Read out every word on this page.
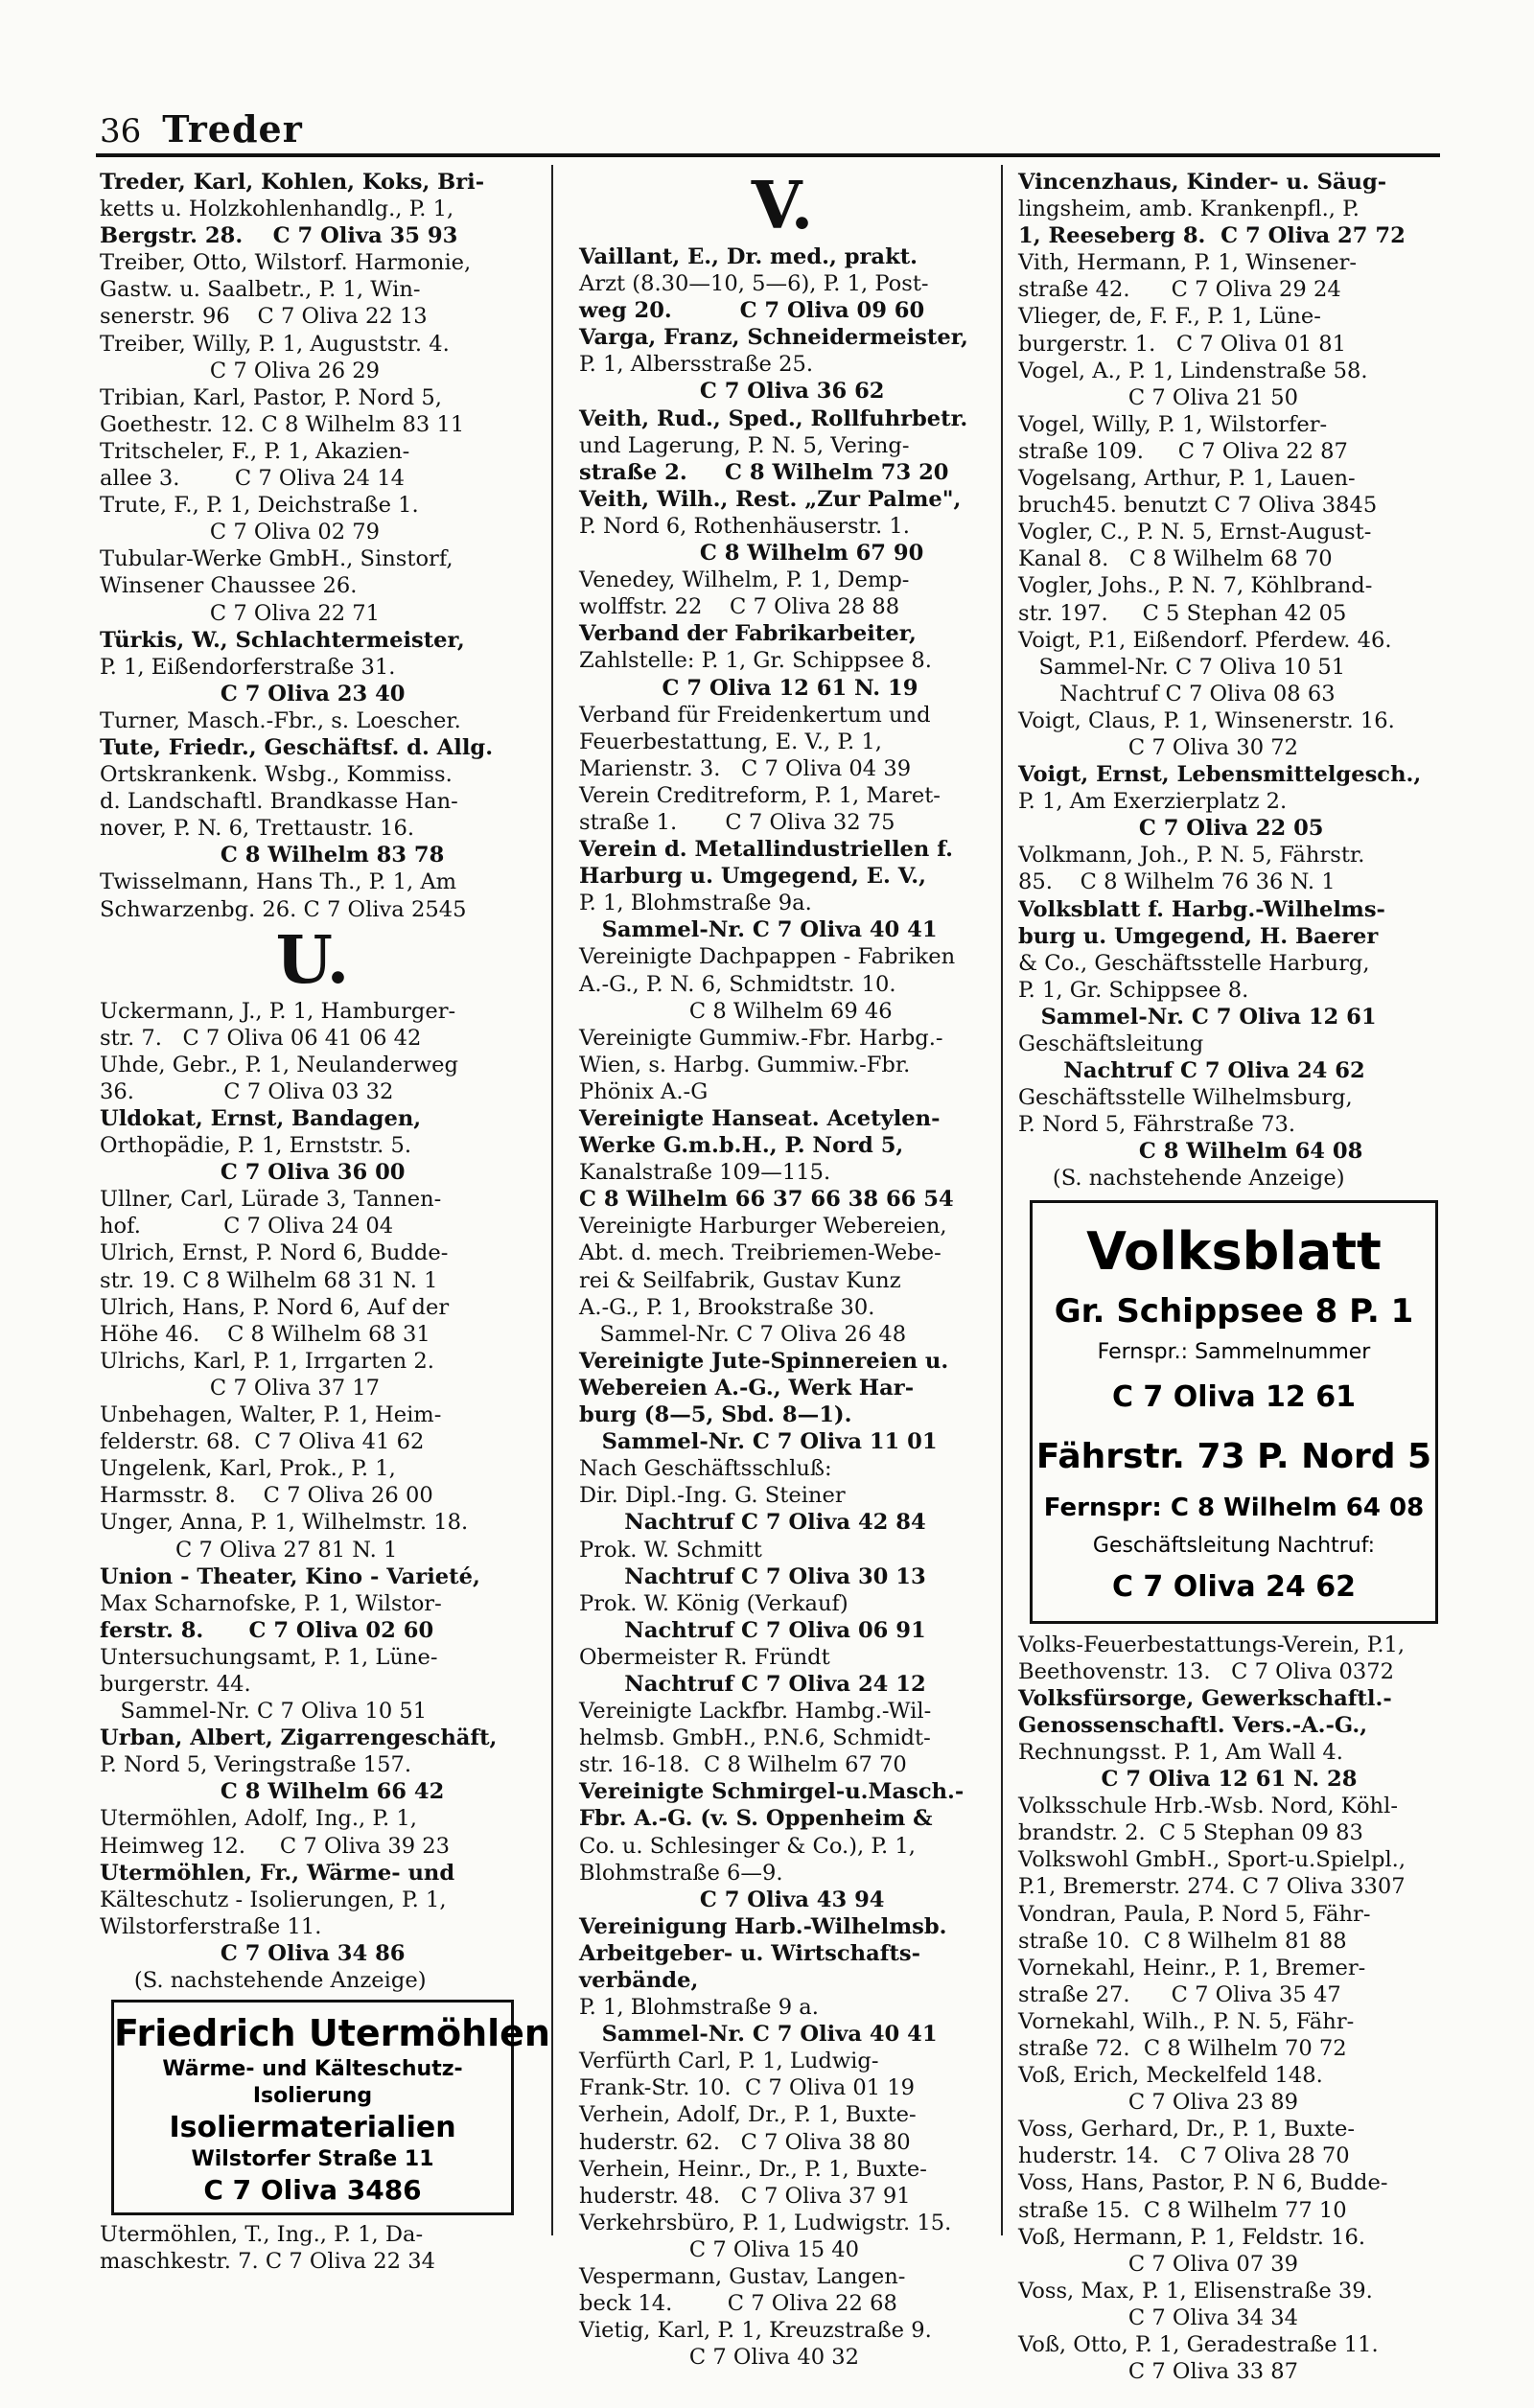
36 Treder
Treder, Karl, Kohlen, Koks, Bri-
ketts u. Holzkohlenhandlg., P. 1,
Bergstr. 28.    C 7 Oliva 35 93
Treiber, Otto, Wilstorf. Harmonie,
Gastw. u. Saalbetr., P. 1, Win-
senerstr. 96    C 7 Oliva 22 13
Treiber, Willy, P. 1, Auguststr. 4.
C 7 Oliva 26 29
Tribian, Karl, Pastor, P. Nord 5,
Goethestr. 12. C 8 Wilhelm 83 11
Tritscheler, F., P. 1, Akazien-
allee 3.        C 7 Oliva 24 14
Trute, F., P. 1, Deichstraße 1.
C 7 Oliva 02 79
Tubular-Werke GmbH., Sinstorf,
Winsener Chaussee 26.
C 7 Oliva 22 71
Türkis, W., Schlachtermeister,
P. 1, Eißendorferstraße 31.
C 7 Oliva 23 40
Turner, Masch.-Fbr., s. Loescher.
Tute, Friedr., Geschäftsf. d. Allg.
Ortskrankenk. Wsbg., Kommiss.
d. Landschaftl. Brandkasse Han-
nover, P. N. 6, Trettaustr. 16.
C 8 Wilhelm 83 78
Twisselmann, Hans Th., P. 1, Am
Schwarzenbg. 26. C 7 Oliva 2545
U.
Uckermann, J., P. 1, Hamburger-
str. 7.   C 7 Oliva 06 41 06 42
Uhde, Gebr., P. 1, Neulanderweg
36.             C 7 Oliva 03 32
Uldokat, Ernst, Bandagen,
Orthopädie, P. 1, Ernststr. 5.
C 7 Oliva 36 00
Ullner, Carl, Lürade 3, Tannen-
hof.            C 7 Oliva 24 04
Ulrich, Ernst, P. Nord 6, Budde-
str. 19. C 8 Wilhelm 68 31 N. 1
Ulrich, Hans, P. Nord 6, Auf der
Höhe 46.    C 8 Wilhelm 68 31
Ulrichs, Karl, P. 1, Irrgarten 2.
C 7 Oliva 37 17
Unbehagen, Walter, P. 1, Heim-
felderstr. 68.  C 7 Oliva 41 62
Ungelenk, Karl, Prok., P. 1,
Harmsstr. 8.    C 7 Oliva 26 00
Unger, Anna, P. 1, Wilhelmstr. 18.
C 7 Oliva 27 81 N. 1
Union - Theater, Kino - Varieté,
Max Scharnofske, P. 1, Wilstor-
ferstr. 8.      C 7 Oliva 02 60
Untersuchungsamt, P. 1, Lüne-
burgerstr. 44.
Sammel-Nr. C 7 Oliva 10 51
Urban, Albert, Zigarrengeschäft,
P. Nord 5, Veringstraße 157.
C 8 Wilhelm 66 42
Utermöhlen, Adolf, Ing., P. 1,
Heimweg 12.     C 7 Oliva 39 23
Utermöhlen, Fr., Wärme- und
Kälteschutz - Isolierungen, P. 1,
Wilstorferstraße 11.
C 7 Oliva 34 86
(S. nachstehende Anzeige)
Friedrich Utermöhlen
Wärme- und Kälteschutz-
Isolierung
Isoliermaterialien
Wilstorfer Straße 11
C 7 Oliva 3486
Utermöhlen, T., Ing., P. 1, Da-
maschkestr. 7. C 7 Oliva 22 34
V.
Vaillant, E., Dr. med., prakt.
Arzt (8.30—10, 5—6), P. 1, Post-
weg 20.         C 7 Oliva 09 60
Varga, Franz, Schneidermeister,
P. 1, Albersstraße 25.
C 7 Oliva 36 62
Veith, Rud., Sped., Rollfuhrbetr.
und Lagerung, P. N. 5, Vering-
straße 2.     C 8 Wilhelm 73 20
Veith, Wilh., Rest. „Zur Palme",
P. Nord 6, Rothenhäuserstr. 1.
C 8 Wilhelm 67 90
Venedey, Wilhelm, P. 1, Demp-
wolffstr. 22    C 7 Oliva 28 88
Verband der Fabrikarbeiter,
Zahlstelle: P. 1, Gr. Schippsee 8.
C 7 Oliva 12 61 N. 19
Verband für Freidenkertum und
Feuerbestattung, E. V., P. 1,
Marienstr. 3.   C 7 Oliva 04 39
Verein Creditreform, P. 1, Maret-
straße 1.       C 7 Oliva 32 75
Verein d. Metallindustriellen f.
Harburg u. Umgegend, E. V.,
P. 1, Blohmstraße 9a.
Sammel-Nr. C 7 Oliva 40 41
Vereinigte Dachpappen - Fabriken
A.-G., P. N. 6, Schmidtstr. 10.
C 8 Wilhelm 69 46
Vereinigte Gummiw.-Fbr. Harbg.-
Wien, s. Harbg. Gummiw.-Fbr.
Phönix A.-G
Vereinigte Hanseat. Acetylen-
Werke G.m.b.H., P. Nord 5,
Kanalstraße 109—115.
C 8 Wilhelm 66 37 66 38 66 54
Vereinigte Harburger Webereien,
Abt. d. mech. Treibriemen-Webe-
rei & Seilfabrik, Gustav Kunz
A.-G., P. 1, Brookstraße 30.
Sammel-Nr. C 7 Oliva 26 48
Vereinigte Jute-Spinnereien u.
Webereien A.-G., Werk Har-
burg (8—5, Sbd. 8—1).
Sammel-Nr. C 7 Oliva 11 01
Nach Geschäftsschluß:
Dir. Dipl.-Ing. G. Steiner
Nachtruf C 7 Oliva 42 84
Prok. W. Schmitt
Nachtruf C 7 Oliva 30 13
Prok. W. König (Verkauf)
Nachtruf C 7 Oliva 06 91
Obermeister R. Fründt
Nachtruf C 7 Oliva 24 12
Vereinigte Lackfbr. Hambg.-Wil-
helmsb. GmbH., P.N.6, Schmidt-
str. 16-18.  C 8 Wilhelm 67 70
Vereinigte Schmirgel-u.Masch.-
Fbr. A.-G. (v. S. Oppenheim &
Co. u. Schlesinger & Co.), P. 1,
Blohmstraße 6—9.
C 7 Oliva 43 94
Vereinigung Harb.-Wilhelmsb.
Arbeitgeber- u. Wirtschafts-
verbände,
P. 1, Blohmstraße 9 a.
Sammel-Nr. C 7 Oliva 40 41
Verfürth Carl, P. 1, Ludwig-
Frank-Str. 10.  C 7 Oliva 01 19
Verhein, Adolf, Dr., P. 1, Buxte-
huderstr. 62.   C 7 Oliva 38 80
Verhein, Heinr., Dr., P. 1, Buxte-
huderstr. 48.   C 7 Oliva 37 91
Verkehrsbüro, P. 1, Ludwigstr. 15.
C 7 Oliva 15 40
Vespermann, Gustav, Langen-
beck 14.        C 7 Oliva 22 68
Vietig, Karl, P. 1, Kreuzstraße 9.
C 7 Oliva 40 32
Vincenzhaus, Kinder- u. Säug-
lingsheim, amb. Krankenpfl., P.
1, Reeseberg 8.  C 7 Oliva 27 72
Vith, Hermann, P. 1, Winsener-
straße 42.      C 7 Oliva 29 24
Vlieger, de, F. F., P. 1, Lüne-
burgerstr. 1.   C 7 Oliva 01 81
Vogel, A., P. 1, Lindenstraße 58.
C 7 Oliva 21 50
Vogel, Willy, P. 1, Wilstorfer-
straße 109.     C 7 Oliva 22 87
Vogelsang, Arthur, P. 1, Lauen-
bruch45. benutzt C 7 Oliva 3845
Vogler, C., P. N. 5, Ernst-August-
Kanal 8.   C 8 Wilhelm 68 70
Vogler, Johs., P. N. 7, Köhlbrand-
str. 197.     C 5 Stephan 42 05
Voigt, P.1, Eißendorf. Pferdew. 46.
Sammel-Nr. C 7 Oliva 10 51
Nachtruf C 7 Oliva 08 63
Voigt, Claus, P. 1, Winsenerstr. 16.
C 7 Oliva 30 72
Voigt, Ernst, Lebensmittelgesch.,
P. 1, Am Exerzierplatz 2.
C 7 Oliva 22 05
Volkmann, Joh., P. N. 5, Fährstr.
85.    C 8 Wilhelm 76 36 N. 1
Volksblatt f. Harbg.-Wilhelms-
burg u. Umgegend, H. Baerer
& Co., Geschäftsstelle Harburg,
P. 1, Gr. Schippsee 8.
Sammel-Nr. C 7 Oliva 12 61
Geschäftsleitung
Nachtruf C 7 Oliva 24 62
Geschäftsstelle Wilhelmsburg,
P. Nord 5, Fährstraße 73.
C 8 Wilhelm 64 08
(S. nachstehende Anzeige)
Volksblatt
Gr. Schippsee 8 P. 1
Fernspr.: Sammelnummer
C 7 Oliva 12 61
Fährstr. 73 P. Nord 5
Fernspr: C 8 Wilhelm 64 08
Geschäftsleitung Nachtruf:
C 7 Oliva 24 62
Volks-Feuerbestattungs-Verein, P.1,
Beethovenstr. 13.   C 7 Oliva 0372
Volksfürsorge, Gewerkschaftl.-
Genossenschaftl. Vers.-A.-G.,
Rechnungsst. P. 1, Am Wall 4.
C 7 Oliva 12 61 N. 28
Volksschule Hrb.-Wsb. Nord, Köhl-
brandstr. 2.  C 5 Stephan 09 83
Volkswohl GmbH., Sport-u.Spielpl.,
P.1, Bremerstr. 274. C 7 Oliva 3307
Vondran, Paula, P. Nord 5, Fähr-
straße 10.  C 8 Wilhelm 81 88
Vornekahl, Heinr., P. 1, Bremer-
straße 27.      C 7 Oliva 35 47
Vornekahl, Wilh., P. N. 5, Fähr-
straße 72.  C 8 Wilhelm 70 72
Voß, Erich, Meckelfeld 148.
C 7 Oliva 23 89
Voss, Gerhard, Dr., P. 1, Buxte-
huderstr. 14.   C 7 Oliva 28 70
Voss, Hans, Pastor, P. N 6, Budde-
straße 15.  C 8 Wilhelm 77 10
Voß, Hermann, P. 1, Feldstr. 16.
C 7 Oliva 07 39
Voss, Max, P. 1, Elisenstraße 39.
C 7 Oliva 34 34
Voß, Otto, P. 1, Geradestraße 11.
C 7 Oliva 33 87
